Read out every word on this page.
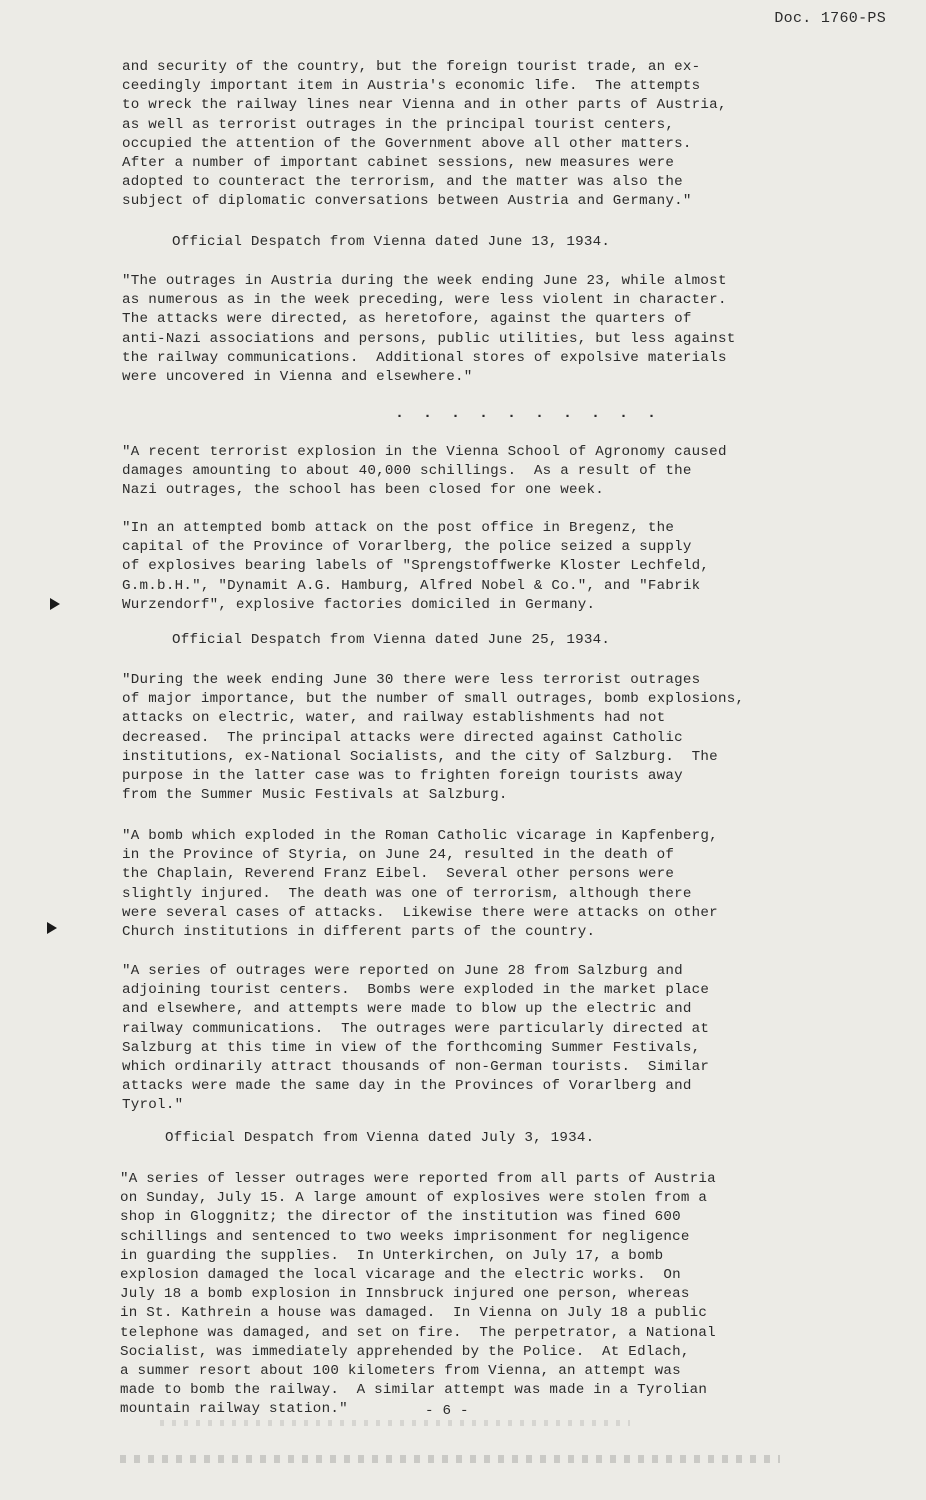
Doc. 1760-PS

and security of the country, but the foreign tourist trade, an ex-
ceedingly important item in Austria's economic life.  The attempts
to wreck the railway lines near Vienna and in other parts of Austria,
as well as terrorist outrages in the principal tourist centers,
occupied the attention of the Government above all other matters.
After a number of important cabinet sessions, new measures were
adopted to counteract the terrorism, and the matter was also the
subject of diplomatic conversations between Austria and Germany."

Official Despatch from Vienna dated June 13, 1934.

"The outrages in Austria during the week ending June 23, while almost
as numerous as in the week preceding, were less violent in character.
The attacks were directed, as heretofore, against the quarters of
anti-Nazi associations and persons, public utilities, but less against
the railway communications.  Additional stores of expolsive materials
were uncovered in Vienna and elsewhere."

. . . . . . . . . .

"A recent terrorist explosion in the Vienna School of Agronomy caused
damages amounting to about 40,000 schillings.  As a result of the
Nazi outrages, the school has been closed for one week.

"In an attempted bomb attack on the post office in Bregenz, the
capital of the Province of Vorarlberg, the police seized a supply
of explosives bearing labels of "Sprengstoffwerke Kloster Lechfeld,
G.m.b.H.", "Dynamit A.G. Hamburg, Alfred Nobel & Co.", and "Fabrik
Wurzendorf", explosive factories domiciled in Germany.

Official Despatch from Vienna dated June 25, 1934.

"During the week ending June 30 there were less terrorist outrages
of major importance, but the number of small outrages, bomb explosions,
attacks on electric, water, and railway establishments had not
decreased.  The principal attacks were directed against Catholic
institutions, ex-National Socialists, and the city of Salzburg.  The
purpose in the latter case was to frighten foreign tourists away
from the Summer Music Festivals at Salzburg.

"A bomb which exploded in the Roman Catholic vicarage in Kapfenberg,
in the Province of Styria, on June 24, resulted in the death of
the Chaplain, Reverend Franz Eibel.  Several other persons were
slightly injured.  The death was one of terrorism, although there
were several cases of attacks.  Likewise there were attacks on other
Church institutions in different parts of the country.

"A series of outrages were reported on June 28 from Salzburg and
adjoining tourist centers.  Bombs were exploded in the market place
and elsewhere, and attempts were made to blow up the electric and
railway communications.  The outrages were particularly directed at
Salzburg at this time in view of the forthcoming Summer Festivals,
which ordinarily attract thousands of non-German tourists.  Similar
attacks were made the same day in the Provinces of Vorarlberg and
Tyrol."

Official Despatch from Vienna dated July 3, 1934.

"A series of lesser outrages were reported from all parts of Austria
on Sunday, July 15. A large amount of explosives were stolen from a
shop in Gloggnitz; the director of the institution was fined 600
schillings and sentenced to two weeks imprisonment for negligence
in guarding the supplies.  In Unterkirchen, on July 17, a bomb
explosion damaged the local vicarage and the electric works.  On
July 18 a bomb explosion in Innsbruck injured one person, whereas
in St. Kathrein a house was damaged.  In Vienna on July 18 a public
telephone was damaged, and set on fire.  The perpetrator, a National
Socialist, was immediately apprehended by the Police.  At Edlach,
a summer resort about 100 kilometers from Vienna, an attempt was
made to bomb the railway.  A similar attempt was made in a Tyrolian
mountain railway station."	- 6 -
